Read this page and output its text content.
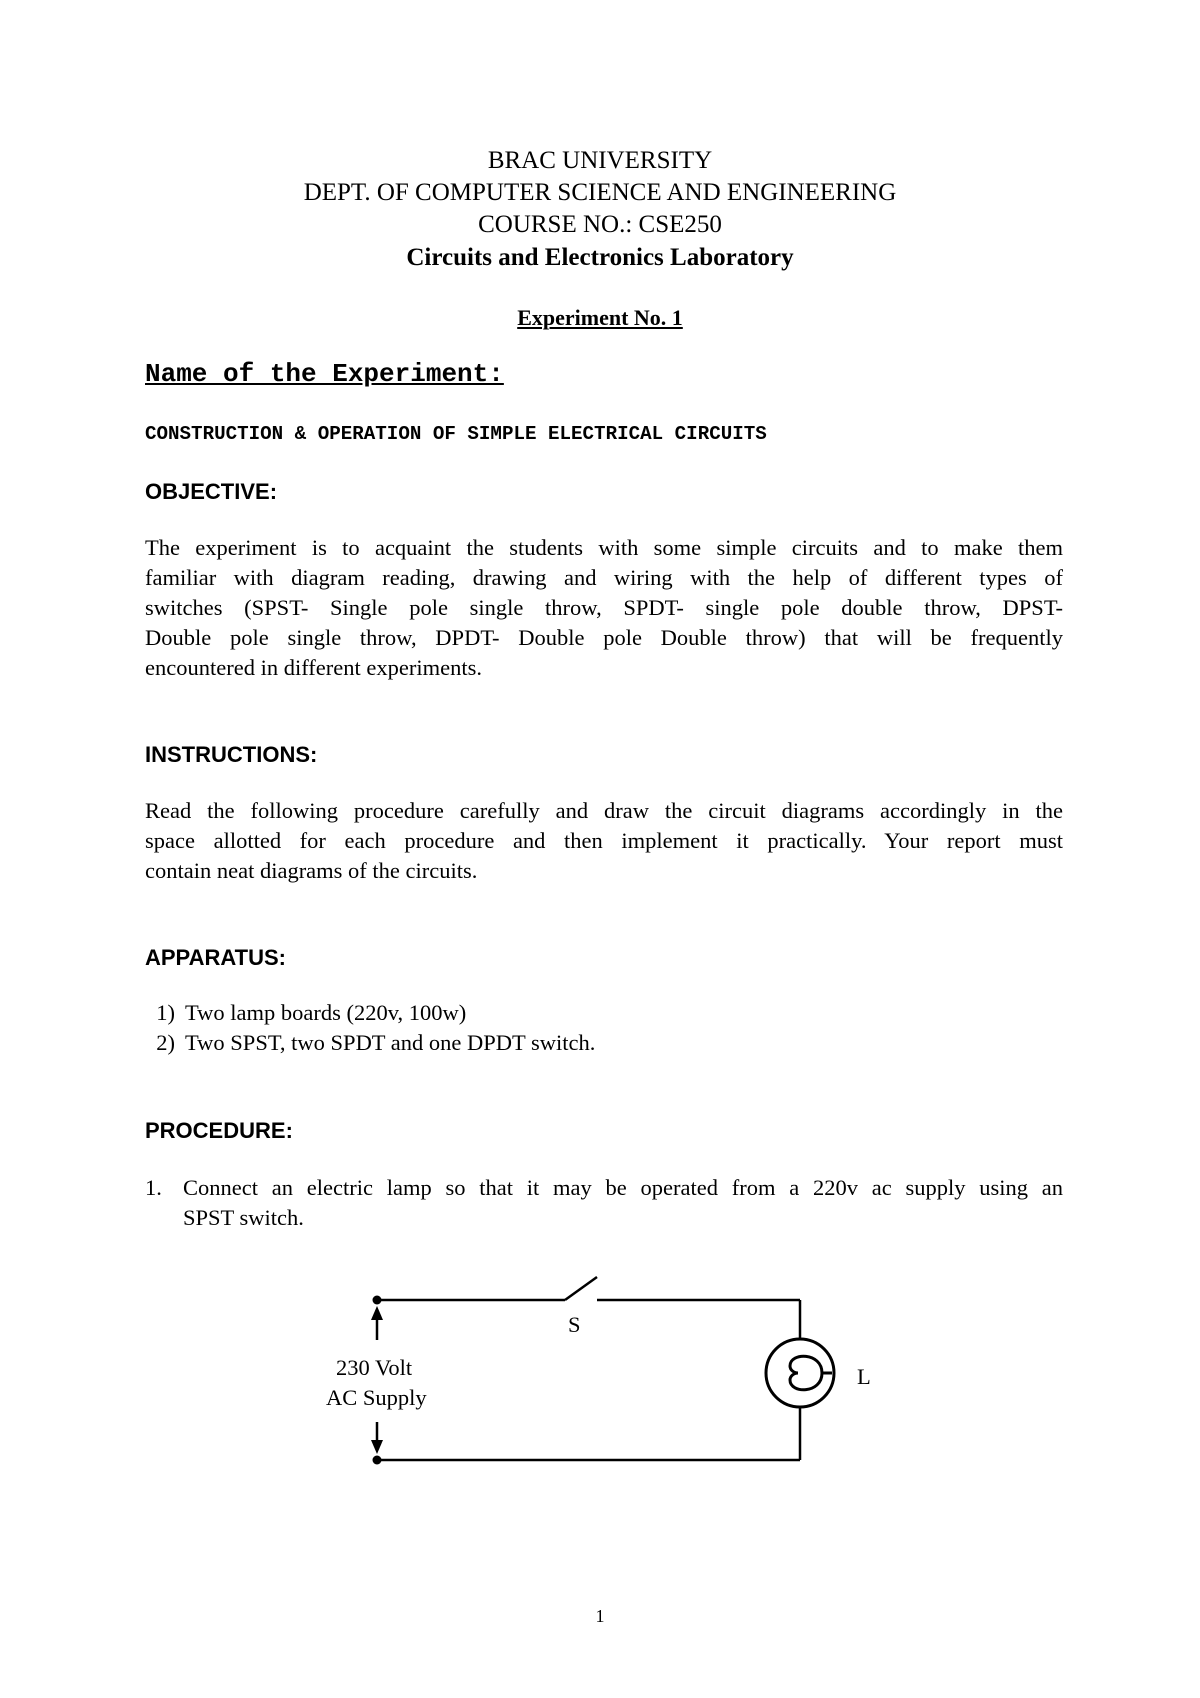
BRAC UNIVERSITY
DEPT. OF COMPUTER SCIENCE AND ENGINEERING
COURSE NO.: CSE250
Circuits and Electronics Laboratory
Experiment No. 1
Name of the Experiment:
CONSTRUCTION & OPERATION OF SIMPLE ELECTRICAL CIRCUITS
OBJECTIVE:
The experiment is to acquaint the students with some simple circuits and to make them
familiar with diagram reading, drawing and wiring with the help of different types of
switches (SPST- Single pole single throw, SPDT- single pole double throw, DPST-
Double pole single throw, DPDT- Double pole Double throw) that will be frequently
encountered in different experiments.
INSTRUCTIONS:
Read the following procedure carefully and draw the circuit diagrams accordingly in the
space allotted for each procedure and then implement it practically. Your report must
contain neat diagrams of the circuits.
APPARATUS:
1) Two lamp boards (220v, 100w)
2) Two SPST, two SPDT and one DPDT switch.
PROCEDURE:
1. Connect an electric lamp so that it may be operated from a 220v ac supply using an
SPST switch.
S
230 Volt
AC Supply
L
1
